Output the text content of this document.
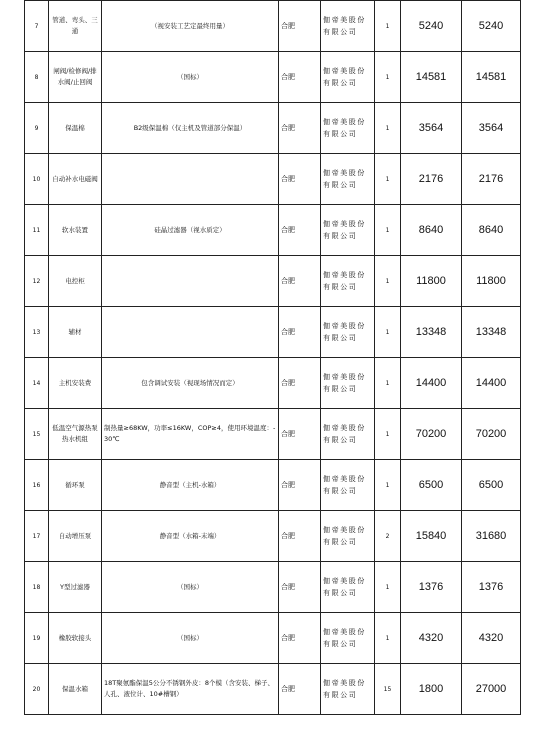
7	管道、弯头、三通	（视安装工艺定最终用量）	合肥	伽帝美股份有限公司	1	5240	5240
8	闸阀/检修阀/排水阀/止回阀	（国标）	合肥	伽帝美股份有限公司	1	14581	14581
9	保温棉	B2级保温棉（仅主机及管道部分保温）	合肥	伽帝美股份有限公司	1	3564	3564
10	自动补水电磁阀		合肥	伽帝美股份有限公司	1	2176	2176
11	软水装置	硅晶过滤器（视水质定）	合肥	伽帝美股份有限公司	1	8640	8640
12	电控柜		合肥	伽帝美股份有限公司	1	11800	11800
13	辅材		合肥	伽帝美股份有限公司	1	13348	13348
14	主机安装费	包含调试安装（视现场情况而定）	合肥	伽帝美股份有限公司	1	14400	14400
15	低温空气源热泵热水机组	制热量≥68KW，功率≤16KW，COP≥4，使用环境温度：-30℃	合肥	伽帝美股份有限公司	1	70200	70200
16	循环泵	静音型（主机-水箱）	合肥	伽帝美股份有限公司	1	6500	6500
17	自动增压泵	静音型（水箱-末端）	合肥	伽帝美股份有限公司	2	15840	31680
18	Y型过滤器	（国标）	合肥	伽帝美股份有限公司	1	1376	1376
19	橡胶软接头	（国标）	合肥	伽帝美股份有限公司	1	4320	4320
20	保温水箱	18T聚氨酯保温5公分不锈钢外皮：8个模（含安装、梯子、人孔、液位计、10#槽钢）	合肥	伽帝美股份有限公司	15	1800	27000
